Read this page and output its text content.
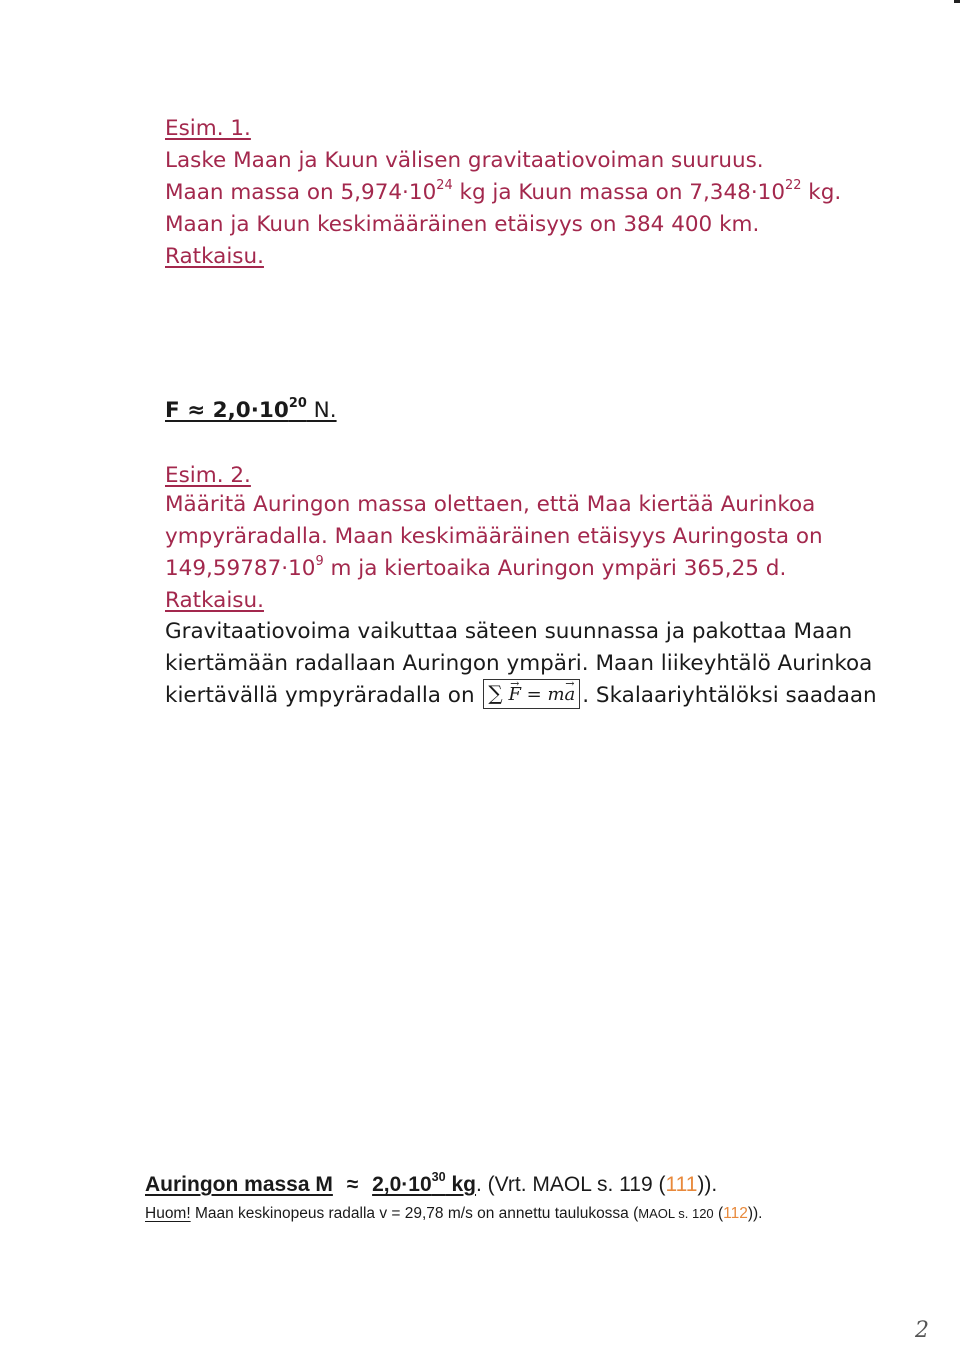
Esim. 1.
Laske Maan ja Kuun välisen gravitaatiovoiman suuruus.
Maan massa on $5,974\cdot 10^{24}$ kg ja Kuun massa on $7,348\cdot 10^{22}$ kg.
Maan ja Kuun keskimääräinen etäisyys on 384 400 km.
Ratkaisu.
$F \approx 2,0\cdot 10^{20}$ N.
Esim. 2.
Määritä Auringon massa olettaen, että Maa kiertää Aurinkoa
ympyräradalla. Maan keskimääräinen etäisyys Auringosta on
$149,59787\cdot 10^9$ m ja kiertoaika Auringon ympäri 365,25 d.
Ratkaisu.
Gravitaatiovoima vaikuttaa säteen suunnassa ja pakottaa Maan
kiertämään radallaan Auringon ympäri. Maan liikeyhtälö Aurinkoa
kiertävällä ympyräradalla on ∑ → F = m→ a . Skalaariyhtälöksi saadaan
Auringon massa $M \approx 2,0\cdot 10^{30}$ kg. (Vrt. MAOL s. 119 (111)).
Huom! Maan keskinopeus radalla v = 29,78 m/s on annettu taulukossa (MAOL s. 120 (112)).
2
